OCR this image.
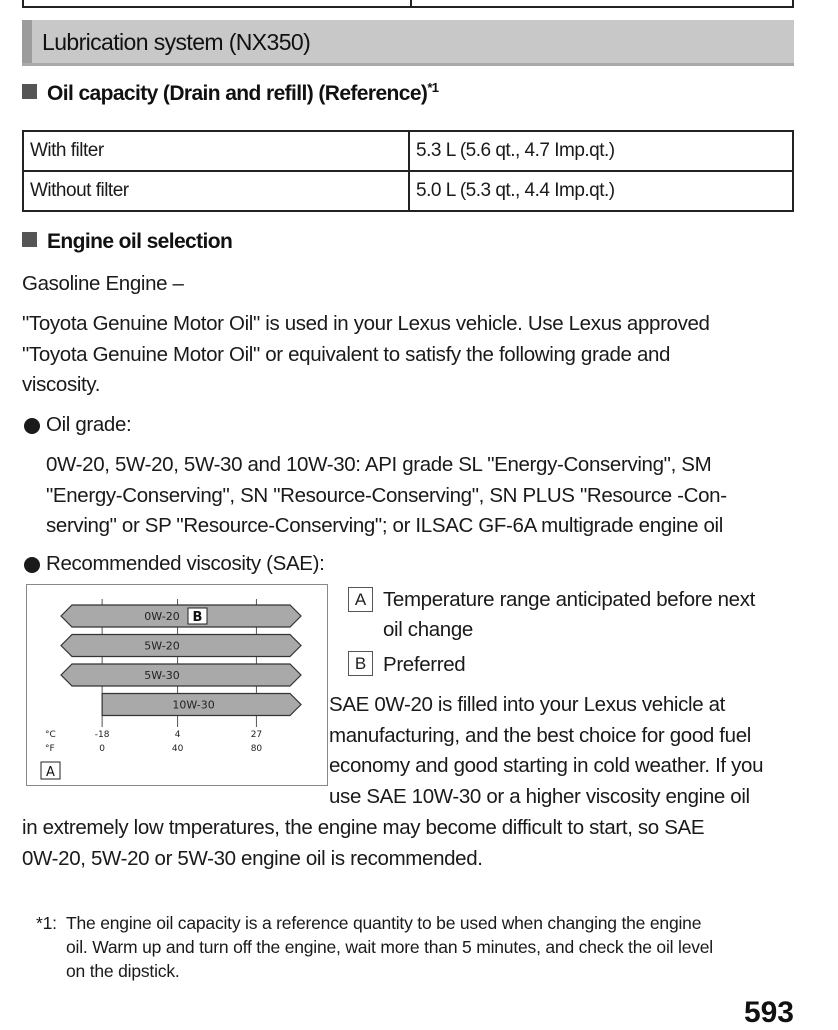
Lubrication system (NX350)
Oil capacity (Drain and refill) (Reference)$^{*1}$
With filter	5.3 L (5.6 qt., 4.7 Imp.qt.)
Without filter	5.0 L (5.3 qt., 4.4 Imp.qt.)
Engine oil selection
Gasoline Engine –
"Toyota Genuine Motor Oil" is used in your Lexus vehicle. Use Lexus approved
"Toyota Genuine Motor Oil" or equivalent to satisfy the following grade and
viscosity.
Oil grade:
0W-20, 5W-20, 5W-30 and 10W-30: API grade SL "Energy-Conserving", SM
"Energy-Conserving", SN "Resource-Conserving", SN PLUS "Resource -Con-
serving" or SP "Resource-Conserving"; or ILSAC GF-6A multigrade engine oil
Recommended viscosity (SAE):
0W-20 B
5W-20
5W-30
10W-30
°C
°F
-18	4	27
0	40	80
A
A Temperature range anticipated before next
oil change
B Preferred
SAE 0W-20 is filled into your Lexus vehicle at
manufacturing, and the best choice for good fuel
economy and good starting in cold weather. If you
use SAE 10W-30 or a higher viscosity engine oil
in extremely low tmperatures, the engine may become difficult to start, so SAE
0W-20, 5W-20 or 5W-30 engine oil is recommended.
*1: The engine oil capacity is a reference quantity to be used when changing the engine
oil. Warm up and turn off the engine, wait more than 5 minutes, and check the oil level
on the dipstick.
593
